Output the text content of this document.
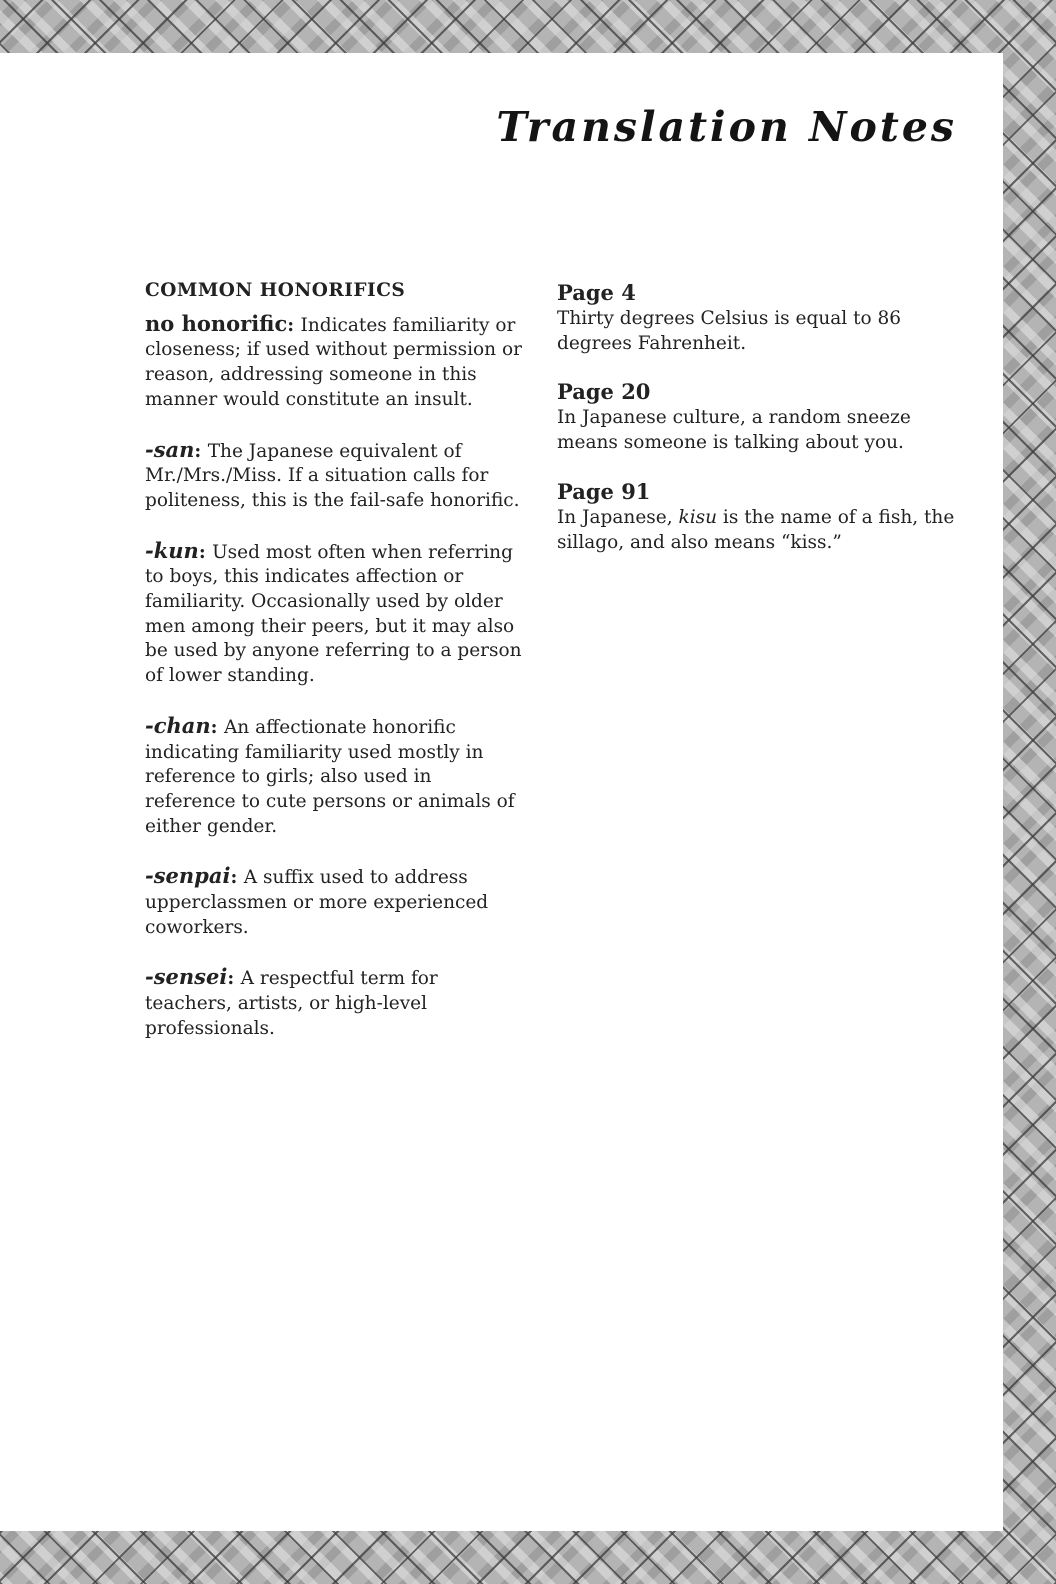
Translation Notes

COMMON HONORIFICS

no honorific: Indicates familiarity or closeness; if used without permission or reason, addressing someone in this manner would constitute an insult.

-san: The Japanese equivalent of Mr./Mrs./Miss. If a situation calls for politeness, this is the fail-safe honorific.

-kun: Used most often when referring to boys, this indicates affection or familiarity. Occasionally used by older men among their peers, but it may also be used by anyone referring to a person of lower standing.

-chan: An affectionate honorific indicating familiarity used mostly in reference to girls; also used in reference to cute persons or animals of either gender.

-senpai: A suffix used to address upperclassmen or more experienced coworkers.

-sensei: A respectful term for teachers, artists, or high-level professionals.

Page 4
Thirty degrees Celsius is equal to 86 degrees Fahrenheit.

Page 20
In Japanese culture, a random sneeze means someone is talking about you.

Page 91
In Japanese, kisu is the name of a fish, the sillago, and also means “kiss.”
